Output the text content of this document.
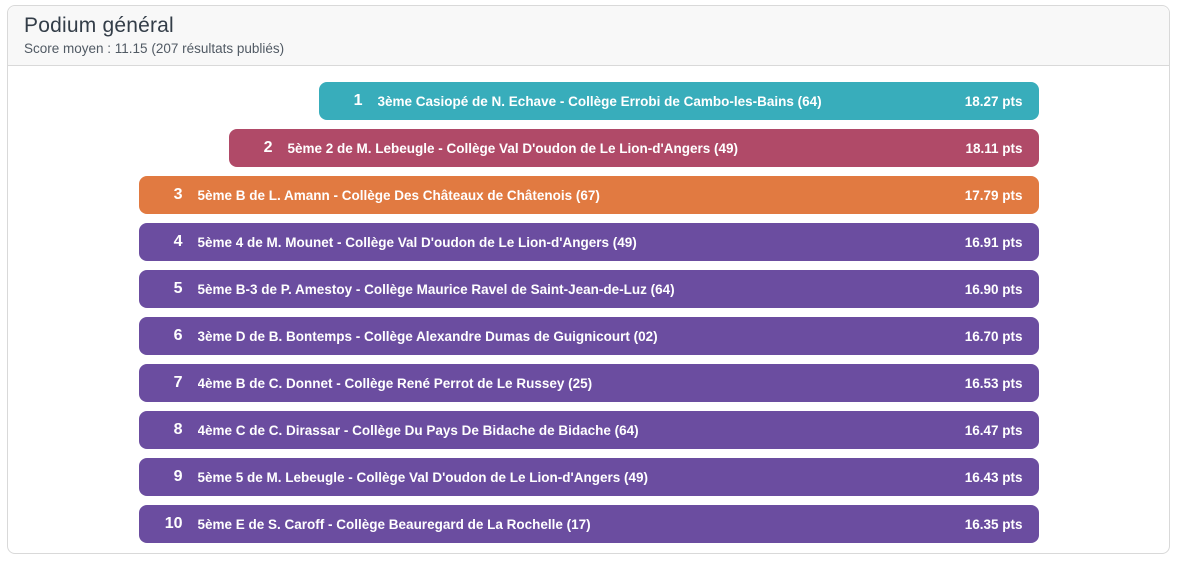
Podium général
Score moyen : 11.15 (207 résultats publiés)
1 3ème Casiopé de N. Echave - Collège Errobi de Cambo-les-Bains (64)	18.27 pts
2 5ème 2 de M. Lebeugle - Collège Val D'oudon de Le Lion-d'Angers (49)	18.11 pts
3 5ème B de L. Amann - Collège Des Châteaux de Châtenois (67)	17.79 pts
4 5ème 4 de M. Mounet - Collège Val D'oudon de Le Lion-d'Angers (49)	16.91 pts
5 5ème B-3 de P. Amestoy - Collège Maurice Ravel de Saint-Jean-de-Luz (64)	16.90 pts
6 3ème D de B. Bontemps - Collège Alexandre Dumas de Guignicourt (02)	16.70 pts
7 4ème B de C. Donnet - Collège René Perrot de Le Russey (25)	16.53 pts
8 4ème C de C. Dirassar - Collège Du Pays De Bidache de Bidache (64)	16.47 pts
9 5ème 5 de M. Lebeugle - Collège Val D'oudon de Le Lion-d'Angers (49)	16.43 pts
10 5ème E de S. Caroff - Collège Beauregard de La Rochelle (17)	16.35 pts
